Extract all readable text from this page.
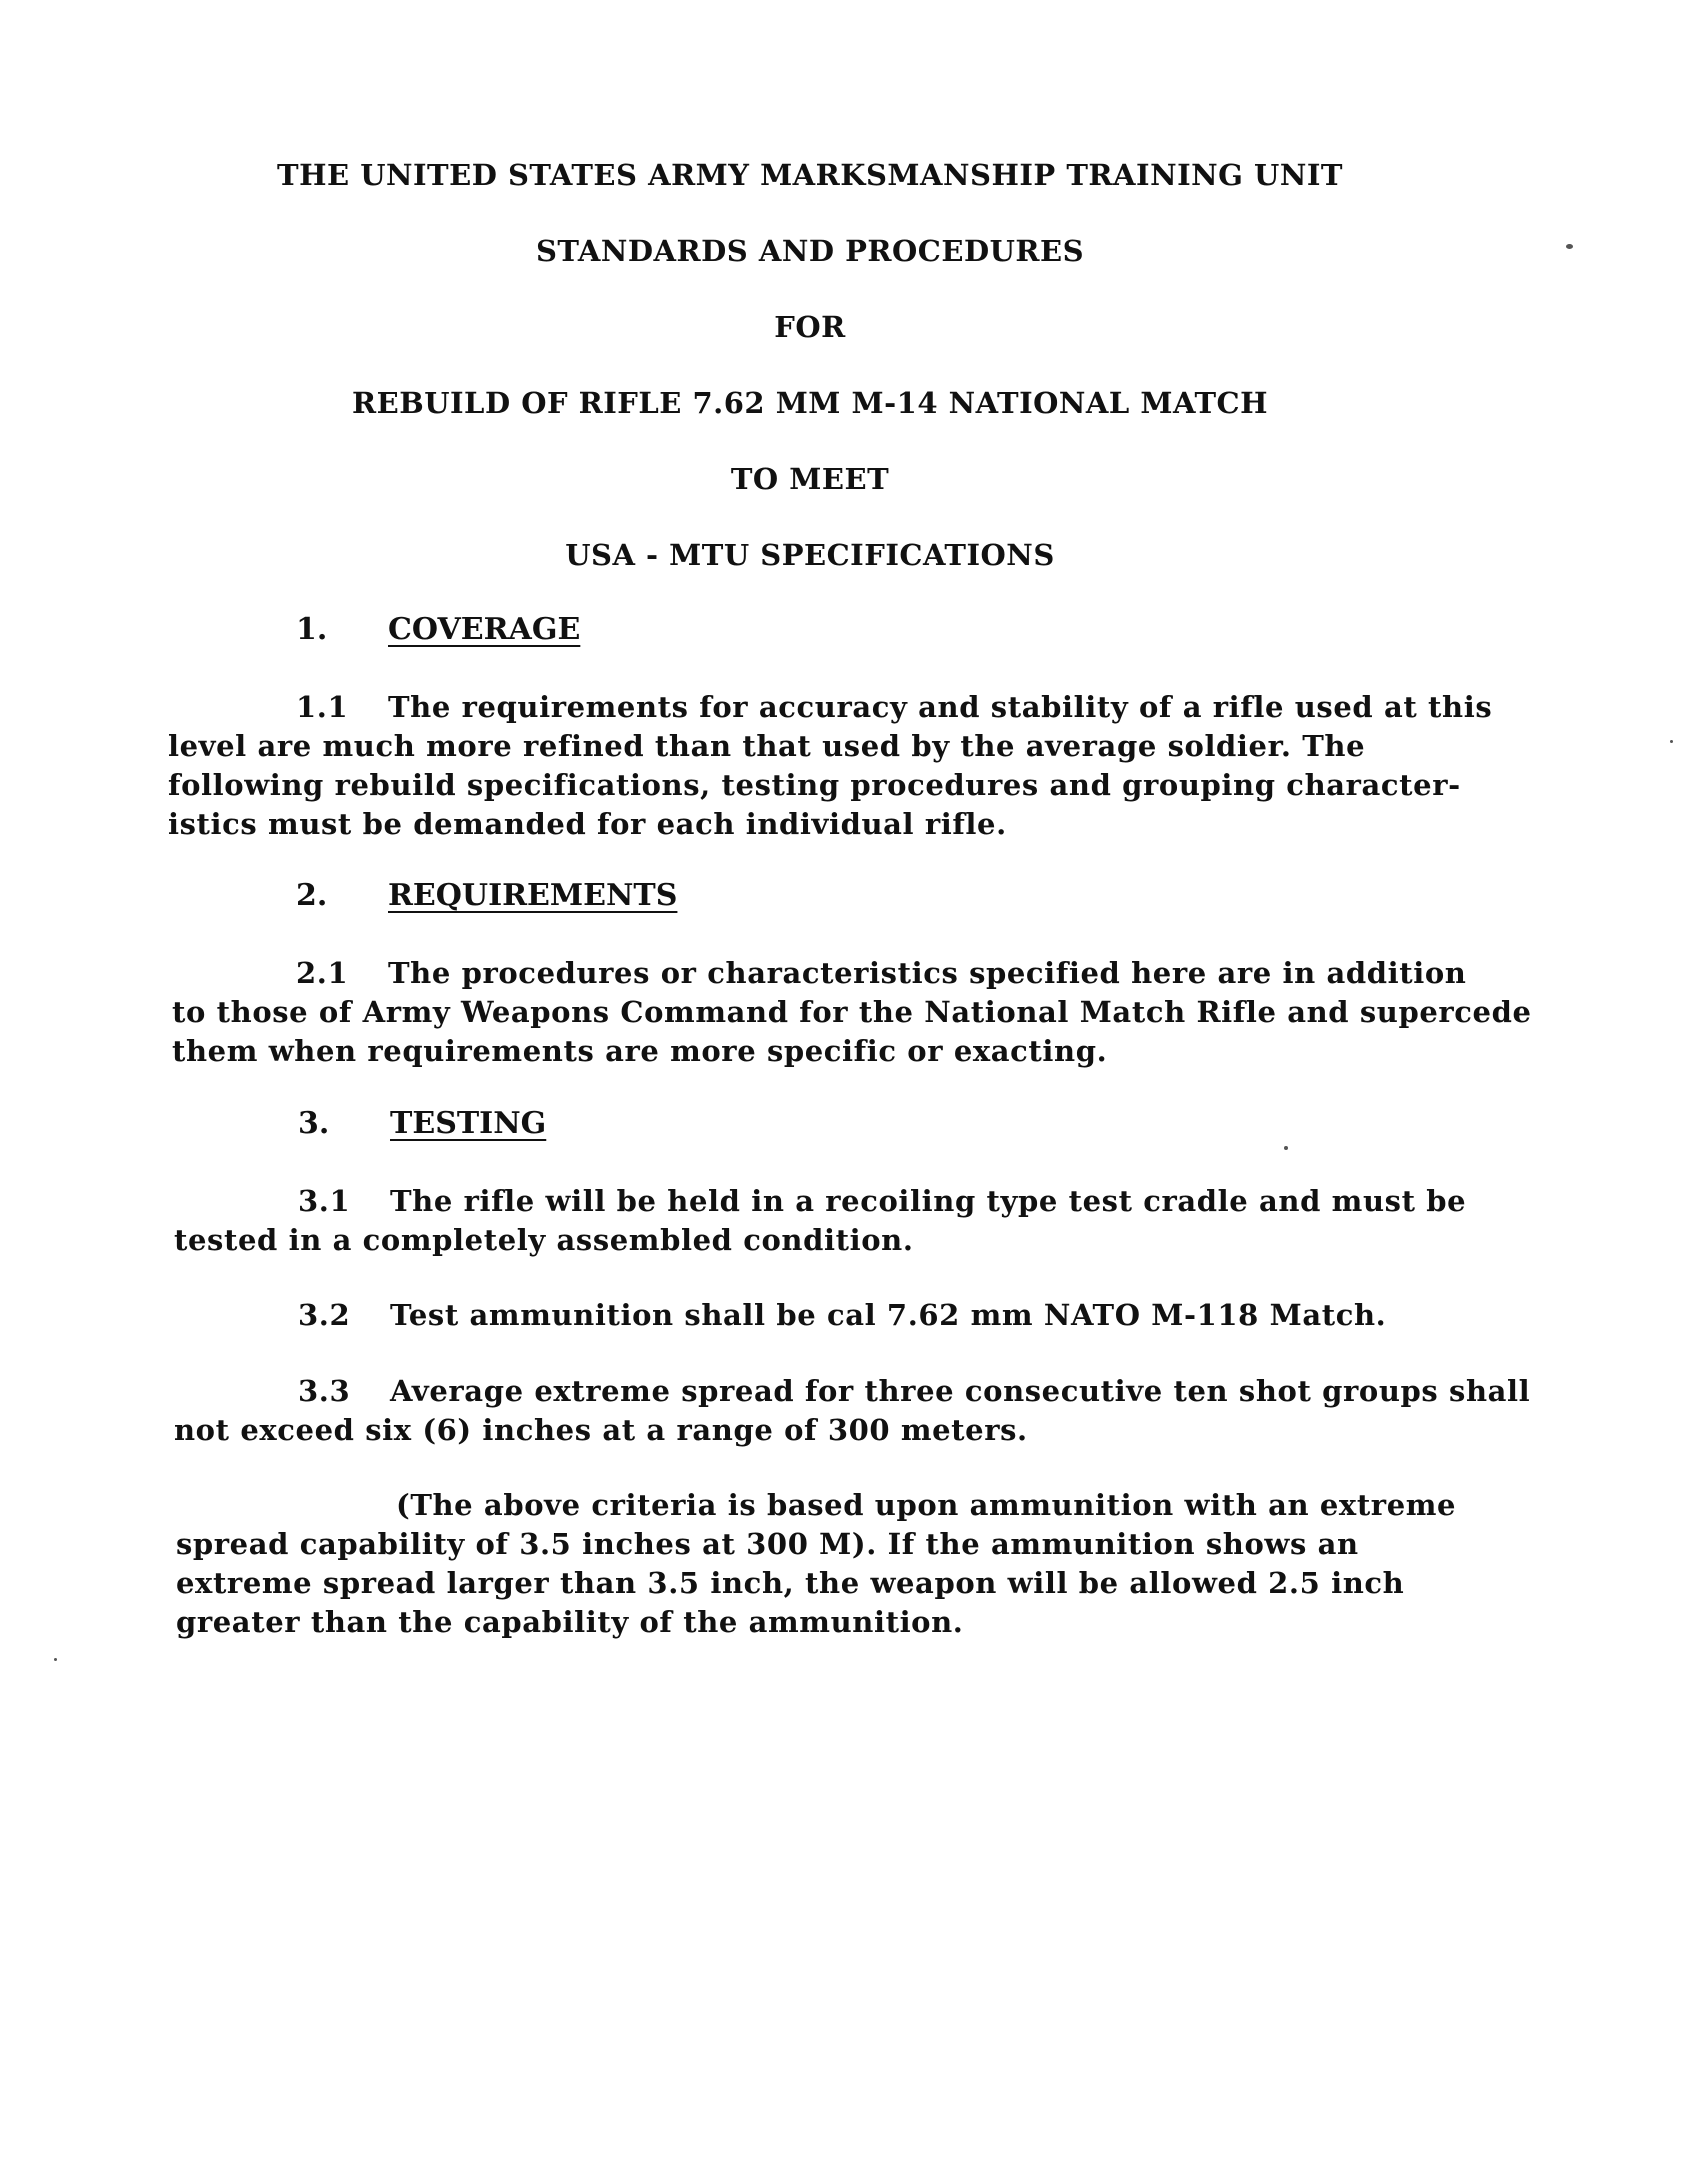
THE UNITED STATES ARMY MARKSMANSHIP TRAINING UNIT
STANDARDS AND PROCEDURES
FOR
REBUILD OF RIFLE 7.62 MM M-14 NATIONAL MATCH
TO MEET
USA - MTU SPECIFICATIONS
1. COVERAGE
1.1 The requirements for accuracy and stability of a rifle used at this
level are much more refined than that used by the average soldier. The
following rebuild specifications, testing procedures and grouping character-
istics must be demanded for each individual rifle.
2. REQUIREMENTS
2.1 The procedures or characteristics specified here are in addition
to those of Army Weapons Command for the National Match Rifle and supercede
them when requirements are more specific or exacting.
3. TESTING
3.1 The rifle will be held in a recoiling type test cradle and must be
tested in a completely assembled condition.
3.2 Test ammunition shall be cal 7.62 mm NATO M-118 Match.
3.3 Average extreme spread for three consecutive ten shot groups shall
not exceed six (6) inches at a range of 300 meters.
(The above criteria is based upon ammunition with an extreme
spread capability of 3.5 inches at 300 M). If the ammunition shows an
extreme spread larger than 3.5 inch, the weapon will be allowed 2.5 inch
greater than the capability of the ammunition.
